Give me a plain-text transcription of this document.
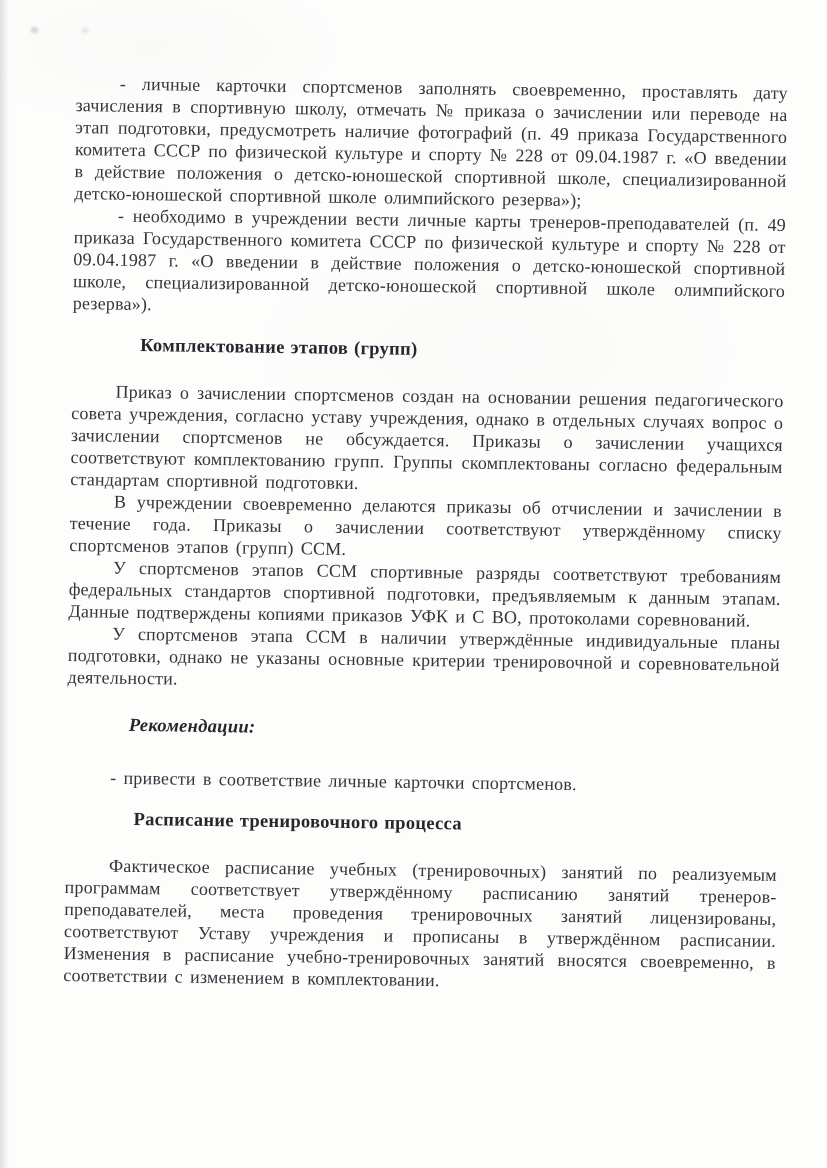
- личные карточки спортсменов заполнять своевременно, проставлять дату зачисления в спортивную школу, отмечать № приказа о зачислении или переводе на этап подготовки, предусмотреть наличие фотографий (п. 49 приказа Государственного комитета СССР по физической культуре и спорту № 228 от 09.04.1987 г. «О введении в действие положения о детско-юношеской спортивной школе, специализированной детско-юношеской спортивной школе олимпийского резерва»);

- необходимо в учреждении вести личные карты тренеров-преподавателей (п. 49 приказа Государственного комитета СССР по физической культуре и спорту № 228 от 09.04.1987 г. «О введении в действие положения о детско-юношеской спортивной школе, специализированной детско-юношеской спортивной школе олимпийского резерва»).

Комплектование этапов (групп)

Приказ о зачислении спортсменов создан на основании решения педагогического совета учреждения, согласно уставу учреждения, однако в отдельных случаях вопрос о зачислении спортсменов не обсуждается. Приказы о зачислении учащихся соответствуют комплектованию групп. Группы скомплектованы согласно федеральным стандартам спортивной подготовки.

В учреждении своевременно делаются приказы об отчислении и зачислении в течение года. Приказы о зачислении соответствуют утверждённому списку спортсменов этапов (групп) ССМ.

У спортсменов этапов ССМ спортивные разряды соответствуют требованиям федеральных стандартов спортивной подготовки, предъявляемым к данным этапам. Данные подтверждены копиями приказов УФК и С ВО, протоколами соревнований.

У спортсменов этапа ССМ в наличии утверждённые индивидуальные планы подготовки, однако не указаны основные критерии тренировочной и соревновательной деятельности.

Рекомендации:

- привести в соответствие личные карточки спортсменов.

Расписание тренировочного процесса

Фактическое расписание учебных (тренировочных) занятий по реализуемым программам соответствует утверждённому расписанию занятий тренеров-преподавателей, места проведения тренировочных занятий лицензированы, соответствуют Уставу учреждения и прописаны в утверждённом расписании. Изменения в расписание учебно-тренировочных занятий вносятся своевременно, в соответствии с изменением в комплектовании.
